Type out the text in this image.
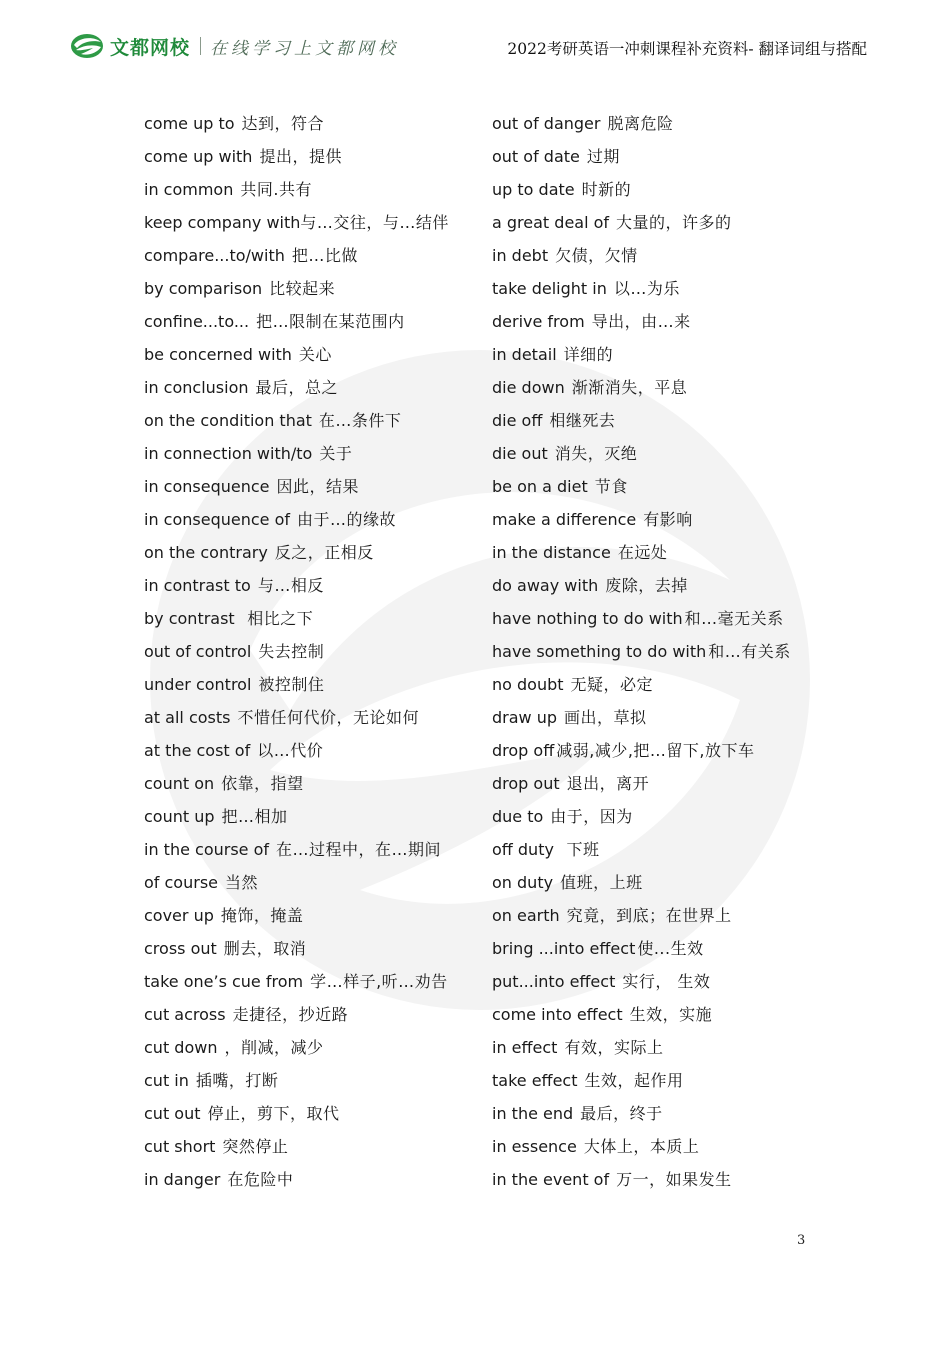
文都网校 在线学习上文都网校	2022考研英语一冲刺课程补充资料- 翻译词组与搭配
come up to 达到，符合
come up with 提出，提供
in common 共同.共有
keep company with与…交往，与…结伴
compare...to/with 把…比做
by comparison 比较起来
confine...to... 把…限制在某范围内
be concerned with 关心
in conclusion 最后，总之
on the condition that 在…条件下
in connection with/to 关于
in consequence 因此，结果
in consequence of 由于…的缘故
on the contrary 反之，正相反
in contrast to 与…相反
by contrast 相比之下
out of control 失去控制
under control 被控制住
at all costs 不惜任何代价，无论如何
at the cost of 以…代价
count on 依靠，指望
count up 把…相加
in the course of 在…过程中，在…期间
of course 当然
cover up 掩饰，掩盖
cross out 删去，取消
take one’s cue from 学…样子,听…劝告
cut across 走捷径，抄近路
cut down ，削减，减少
cut in 插嘴，打断
cut out 停止，剪下，取代
cut short 突然停止
in danger 在危险中
out of danger 脱离危险
out of date 过期
up to date 时新的
a great deal of 大量的，许多的
in debt 欠债，欠情
take delight in 以…为乐
derive from 导出，由…来
in detail 详细的
die down 渐渐消失，平息
die off 相继死去
die out 消失，灭绝
be on a diet 节食
make a difference 有影响
in the distance 在远处
do away with 废除，去掉
have nothing to do with 和…毫无关系
have something to do with 和…有关系
no doubt 无疑，必定
draw up 画出，草拟
drop off 减弱,减少,把…留下,放下车
drop out 退出，离开
due to 由于，因为
off duty 下班
on duty 值班，上班
on earth 究竟，到底；在世界上
bring ...into effect 使...生效
put...into effect 实行， 生效
come into effect 生效，实施
in effect 有效，实际上
take effect 生效，起作用
in the end 最后，终于
in essence 大体上，本质上
in the event of 万一，如果发生
3
